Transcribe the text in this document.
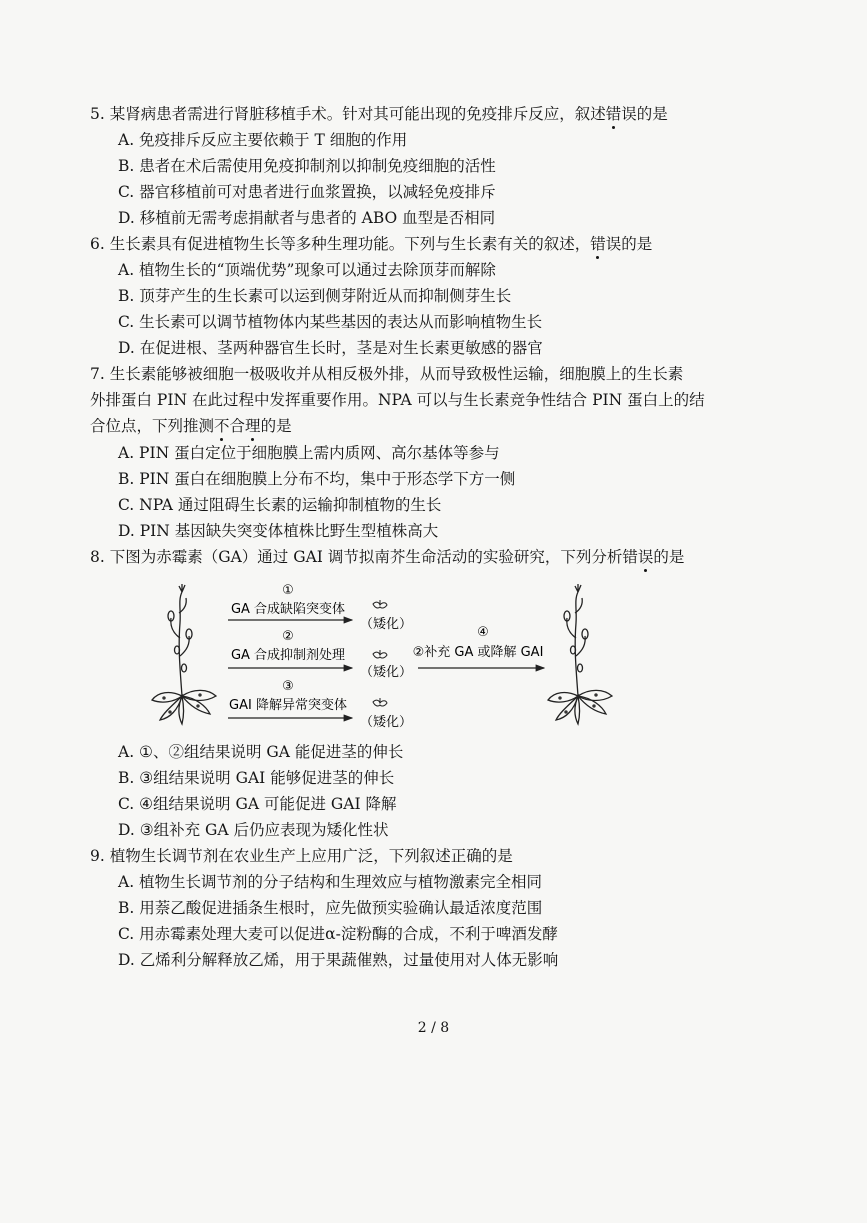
5. 某肾病患者需进行肾脏移植手术。针对其可能出现的免疫排斥反应，叙述错误的是
A. 免疫排斥反应主要依赖于 T 细胞的作用
B. 患者在术后需使用免疫抑制剂以抑制免疫细胞的活性
C. 器官移植前可对患者进行血浆置换，以减轻免疫排斥
D. 移植前无需考虑捐献者与患者的 ABO 血型是否相同
6. 生长素具有促进植物生长等多种生理功能。下列与生长素有关的叙述，错误的是
A. 植物生长的“顶端优势”现象可以通过去除顶芽而解除
B. 顶芽产生的生长素可以运到侧芽附近从而抑制侧芽生长
C. 生长素可以调节植物体内某些基因的表达从而影响植物生长
D. 在促进根、茎两种器官生长时，茎是对生长素更敏感的器官
7. 生长素能够被细胞一极吸收并从相反极外排，从而导致极性运输，细胞膜上的生长素
外排蛋白 PIN 在此过程中发挥重要作用。NPA 可以与生长素竞争性结合 PIN 蛋白上的结
合位点，下列推测不合理的是
A. PIN 蛋白定位于细胞膜上需内质网、高尔基体等参与
B. PIN 蛋白在细胞膜上分布不均，集中于形态学下方一侧
C. NPA 通过阻碍生长素的运输抑制植物的生长
D. PIN 基因缺失突变体植株比野生型植株高大
8. 下图为赤霉素（GA）通过 GAI 调节拟南芥生命活动的实验研究，下列分析错误的是
①
GA 合成缺陷突变体
②
GA 合成抑制剂处理
③
GAI 降解异常突变体
（矮化）
（矮化）
（矮化）
④
②补充 GA 或降解 GAI
A. ①、②组结果说明 GA 能促进茎的伸长
B. ③组结果说明 GAI 能够促进茎的伸长
C. ④组结果说明 GA 可能促进 GAI 降解
D. ③组补充 GA 后仍应表现为矮化性状
9. 植物生长调节剂在农业生产上应用广泛，下列叙述正确的是
A. 植物生长调节剂的分子结构和生理效应与植物激素完全相同
B. 用萘乙酸促进插条生根时，应先做预实验确认最适浓度范围
C. 用赤霉素处理大麦可以促进α-淀粉酶的合成，不利于啤酒发酵
D. 乙烯利分解释放乙烯，用于果蔬催熟，过量使用对人体无影响
2 / 8
